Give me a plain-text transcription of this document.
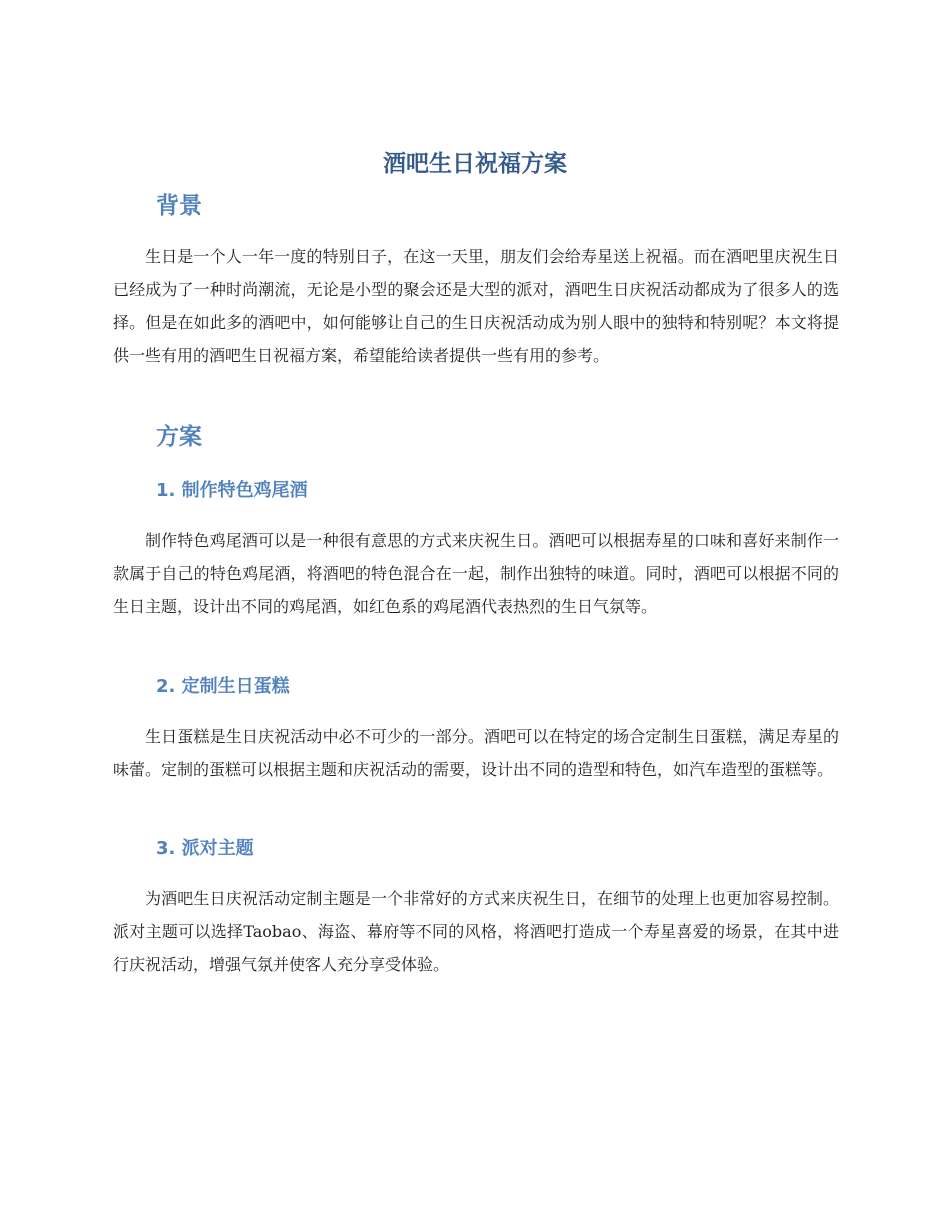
酒吧生日祝福方案
背景

生日是一个人一年一度的特别日子，在这一天里，朋友们会给寿星送上祝福。而在酒吧里庆祝生日已经成为了一种时尚潮流，无论是小型的聚会还是大型的派对，酒吧生日庆祝活动都成为了很多人的选择。但是在如此多的酒吧中，如何能够让自己的生日庆祝活动成为别人眼中的独特和特别呢？本文将提供一些有用的酒吧生日祝福方案，希望能给读者提供一些有用的参考。

方案
1. 制作特色鸡尾酒

制作特色鸡尾酒可以是一种很有意思的方式来庆祝生日。酒吧可以根据寿星的口味和喜好来制作一款属于自己的特色鸡尾酒，将酒吧的特色混合在一起，制作出独特的味道。同时，酒吧可以根据不同的生日主题，设计出不同的鸡尾酒，如红色系的鸡尾酒代表热烈的生日气氛等。

2. 定制生日蛋糕

生日蛋糕是生日庆祝活动中必不可少的一部分。酒吧可以在特定的场合定制生日蛋糕，满足寿星的味蕾。定制的蛋糕可以根据主题和庆祝活动的需要，设计出不同的造型和特色，如汽车造型的蛋糕等。

3. 派对主题

为酒吧生日庆祝活动定制主题是一个非常好的方式来庆祝生日，在细节的处理上也更加容易控制。派对主题可以选择Taobao、海盗、幕府等不同的风格，将酒吧打造成一个寿星喜爱的场景，在其中进行庆祝活动，增强气氛并使客人充分享受体验。
